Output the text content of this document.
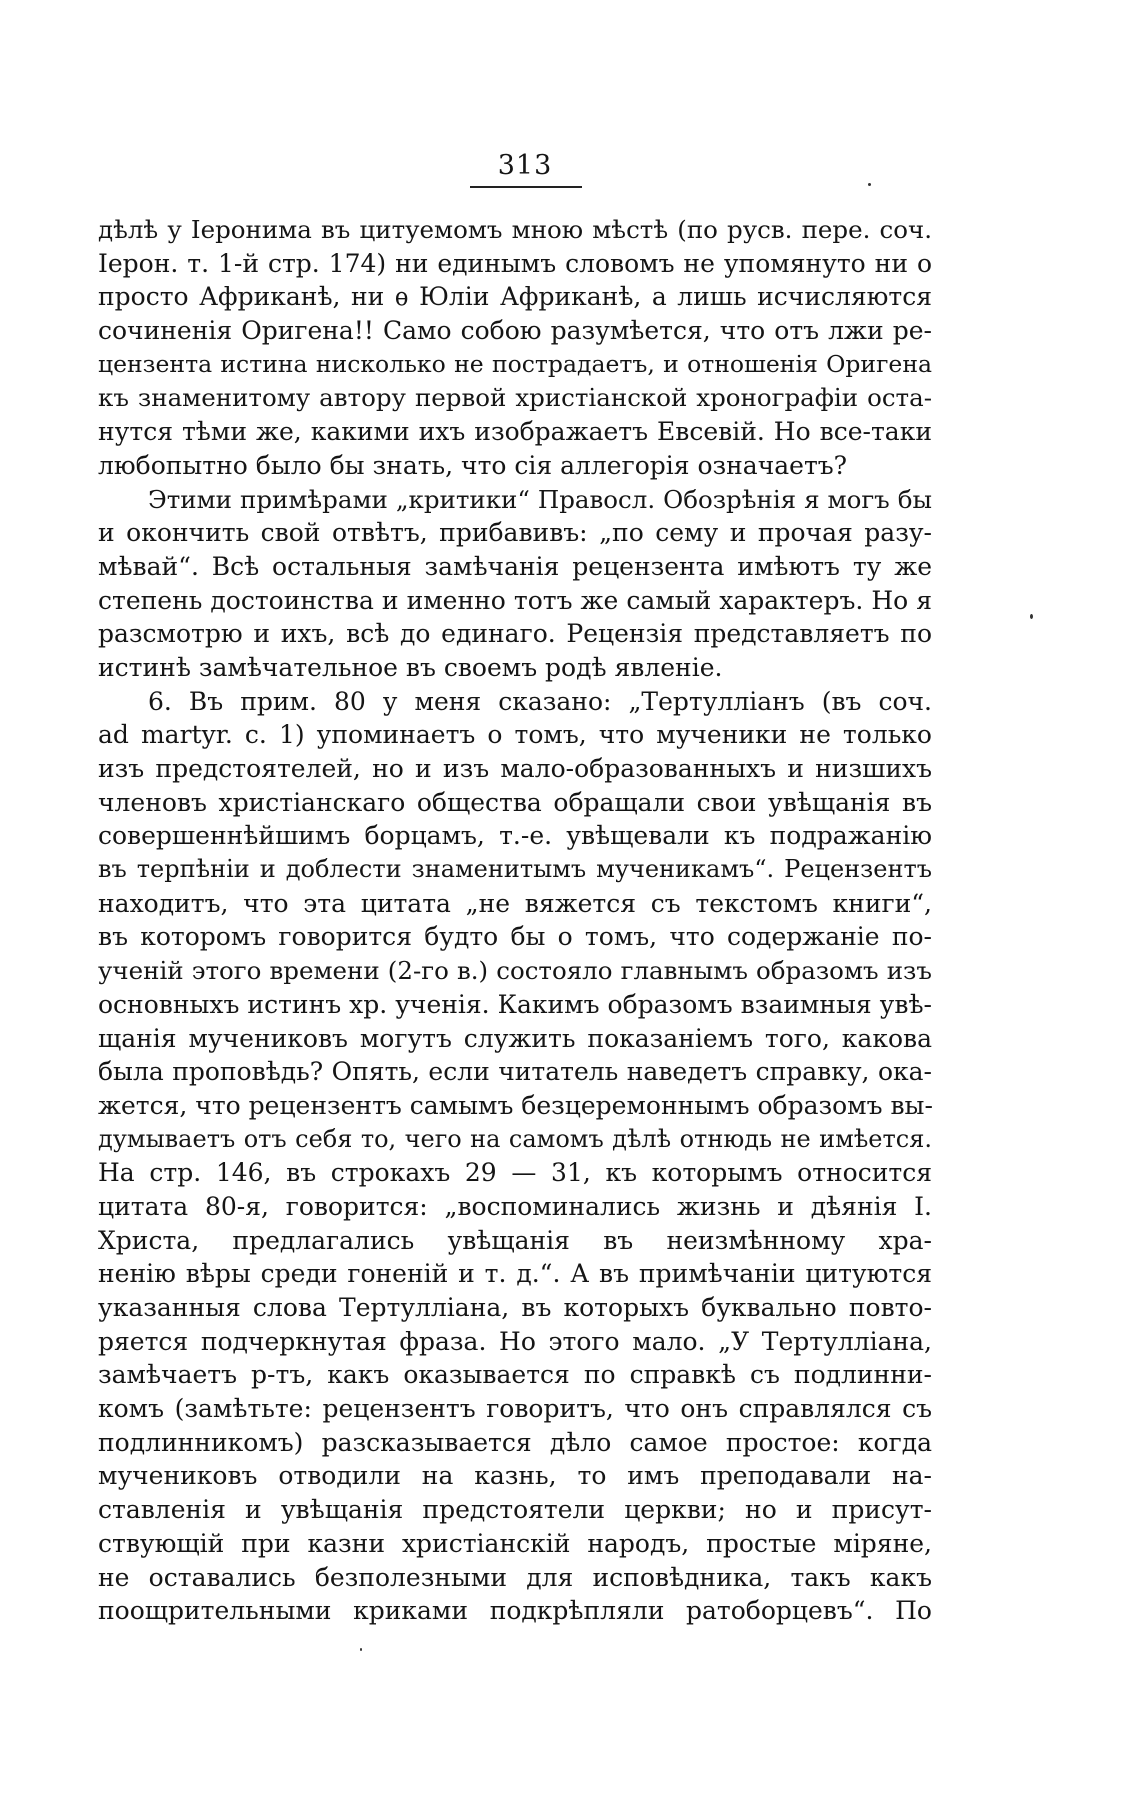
313
дѣлѣ у Іеронима въ цитуемомъ мною мѣстѣ (по русв. пере. соч.
Іерон. т. 1-й стр. 174) ни единымъ словомъ не упомянуто ни о
просто Африканѣ, ни ѳ Юліи Африканѣ, а лишь исчисляются
сочиненія Оригена!! Само собою разумѣется, что отъ лжи ре-
цензента истина нисколько не пострадаетъ, и отношенія Оригена
къ знаменитому автору первой христіанской хронографіи оста-
нутся тѣми же, какими ихъ изображаетъ Евсевій. Но все-таки
любопытно было бы знать, что сія аллегорія означаетъ?
Этими примѣрами „критики“ Правосл. Обозрѣнія я могъ бы
и окончить свой отвѣтъ, прибавивъ: „по сему и прочая разу-
мѣвай“. Всѣ остальныя замѣчанія рецензента имѣютъ ту же
степень достоинства и именно тотъ же самый характеръ. Но я
разсмотрю и ихъ, всѣ до единаго. Рецензія представляетъ по
истинѣ замѣчательное въ своемъ родѣ явленіе.
6. Въ прим. 80 у меня сказано: „Тертулліанъ (въ соч.
ad martyr. с. 1) упоминаетъ о томъ, что мученики не только
изъ предстоятелей, но и изъ мало-образованныхъ и низшихъ
членовъ христіанскаго общества обращали свои увѣщанія въ
совершеннѣйшимъ борцамъ, т.-е. увѣщевали къ подражанію
въ терпѣніи и доблести знаменитымъ мученикамъ“. Рецензентъ
находитъ, что эта цитата „не вяжется съ текстомъ книги“,
въ которомъ говорится будто бы о томъ, что содержаніе по-
ученій этого времени (2-го в.) состояло главнымъ образомъ изъ
основныхъ истинъ хр. ученія. Какимъ образомъ взаимныя увѣ-
щанія мучениковъ могутъ служить показаніемъ того, какова
была проповѣдь? Опять, если читатель наведетъ справку, ока-
жется, что рецензентъ самымъ безцеремоннымъ образомъ вы-
думываетъ отъ себя то, чего на самомъ дѣлѣ отнюдь не имѣется.
На стр. 146, въ строкахъ 29 — 31, къ которымъ относится
цитата 80-я, говорится: „воспоминались жизнь и дѣянія І.
Христа, предлагались увѣщанія въ неизмѣнному хра-
ненію вѣры среди гоненій и т. д.“. А въ примѣчаніи цитуются
указанныя слова Тертулліана, въ которыхъ буквально повто-
ряется подчеркнутая фраза. Но этого мало. „У Тертулліана,
замѣчаетъ р-тъ, какъ оказывается по справкѣ съ подлинни-
комъ (замѣтьте: рецензентъ говоритъ, что онъ справлялся съ
подлинникомъ) разсказывается дѣло самое простое: когда
мучениковъ отводили на казнь, то имъ преподавали на-
ставленія и увѣщанія предстоятели церкви; но и присут-
ствующій при казни христіанскій народъ, простые міряне,
не оставались безполезными для исповѣдника, такъ какъ
поощрительными криками подкрѣпляли ратоборцевъ“. По
